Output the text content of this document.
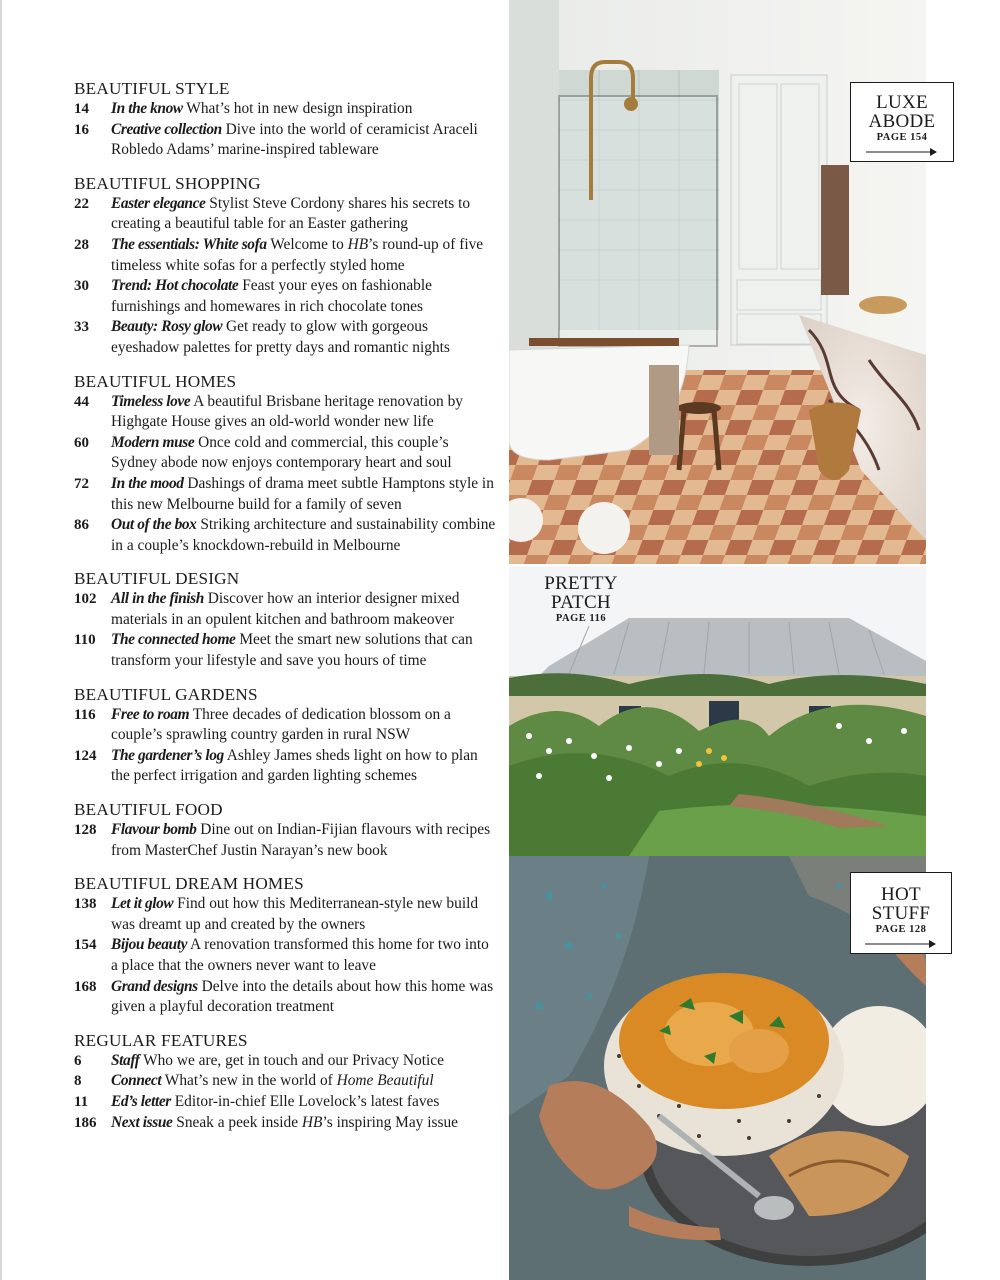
BEAUTIFUL STYLE
14	In the know What’s hot in new design inspiration
16	Creative collection Dive into the world of ceramicist Araceli Robledo Adams’ marine-inspired tableware
BEAUTIFUL SHOPPING
22	Easter elegance Stylist Steve Cordony shares his secrets to creating a beautiful table for an Easter gathering
28	The essentials: White sofa Welcome to HB’s round-up of five timeless white sofas for a perfectly styled home
30	Trend: Hot chocolate Feast your eyes on fashionable furnishings and homewares in rich chocolate tones
33	Beauty: Rosy glow Get ready to glow with gorgeous eyeshadow palettes for pretty days and romantic nights
BEAUTIFUL HOMES
44	Timeless love A beautiful Brisbane heritage renovation by Highgate House gives an old-world wonder new life
60	Modern muse Once cold and commercial, this couple’s Sydney abode now enjoys contemporary heart and soul
72	In the mood Dashings of drama meet subtle Hamptons style in this new Melbourne build for a family of seven
86	Out of the box Striking architecture and sustainability combine in a couple’s knockdown-rebuild in Melbourne
BEAUTIFUL DESIGN
102 All in the finish Discover how an interior designer mixed materials in an opulent kitchen and bathroom makeover
110 The connected home Meet the smart new solutions that can transform your lifestyle and save you hours of time
BEAUTIFUL GARDENS
116 Free to roam Three decades of dedication blossom on a couple’s sprawling country garden in rural NSW
124 The gardener’s log Ashley James sheds light on how to plan the perfect irrigation and garden lighting schemes
BEAUTIFUL FOOD
128 Flavour bomb Dine out on Indian-Fijian flavours with recipes from MasterChef Justin Narayan’s new book
BEAUTIFUL DREAM HOMES
138 Let it glow Find out how this Mediterranean-style new build was dreamt up and created by the owners
154 Bijou beauty A renovation transformed this home for two into a place that the owners never want to leave
168 Grand designs Delve into the details about how this home was given a playful decoration treatment
REGULAR FEATURES
6	Staff Who we are, get in touch and our Privacy Notice
8	Connect What’s new in the world of Home Beautiful
11	Ed’s letter Editor-in-chief Elle Lovelock’s latest faves
186 Next issue Sneak a peek inside HB’s inspiring May issue
LUXE
ABODE
PAGE 154
PRETTY
PATCH
PAGE 116
HOT
STUFF
PAGE 128
